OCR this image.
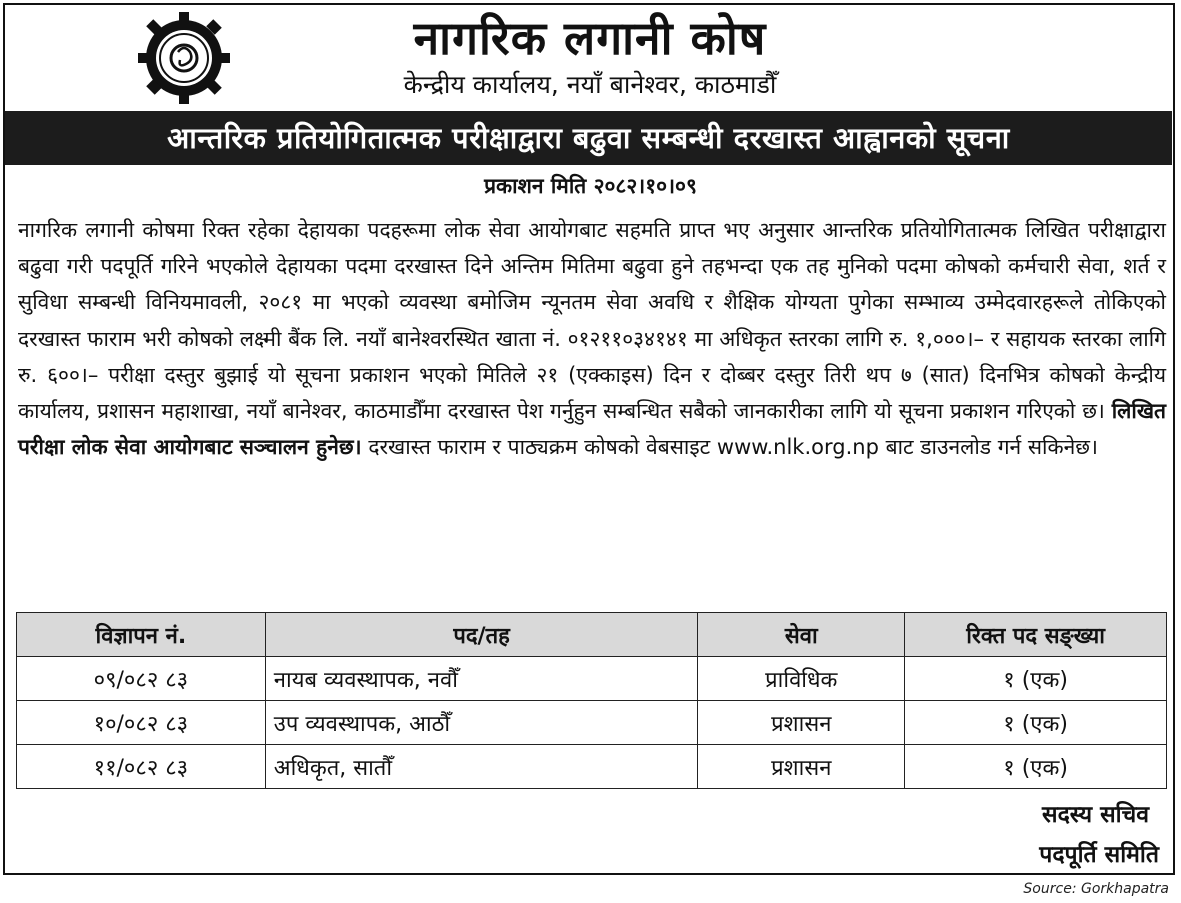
नागरिक लगानी कोष
केन्द्रीय कार्यालय, नयाँ बानेश्वर, काठमाडौँ
आन्तरिक प्रतियोगितात्मक परीक्षाद्वारा बढुवा सम्बन्धी दरखास्त आह्वानको सूचना
प्रकाशन मिति २०८२।१०।०९
नागरिक लगानी कोषमा रिक्त रहेका देहायका पदहरूमा लोक सेवा आयोगबाट सहमति प्राप्त भए अनुसार आन्तरिक प्रतियोगितात्मक लिखित परीक्षाद्वारा बढुवा गरी पदपूर्ति गरिने भएकोले देहायका पदमा दरखास्त दिने अन्तिम मितिमा बढुवा हुने तहभन्दा एक तह मुनिको पदमा कोषको कर्मचारी सेवा, शर्त र सुविधा सम्बन्धी विनियमावली, २०८१ मा भएको व्यवस्था बमोजिम न्यूनतम सेवा अवधि र शैक्षिक योग्यता पुगेका सम्भाव्य उम्मेदवारहरूले तोकिएको दरखास्त फाराम भरी कोषको लक्ष्मी बैंक लि. नयाँ बानेश्वरस्थित खाता नं. ०१२११०३४१४१ मा अधिकृत स्तरका लागि रु. १,०००।– र सहायक स्तरका लागि रु. ६००।– परीक्षा दस्तुर बुझाई यो सूचना प्रकाशन भएको मितिले २१ (एक्काइस) दिन र दोब्बर दस्तुर तिरी थप ७ (सात) दिनभित्र कोषको केन्द्रीय कार्यालय, प्रशासन महाशाखा, नयाँ बानेश्वर, काठमाडौँमा दरखास्त पेश गर्नुहुन सम्बन्धित सबैको जानकारीका लागि यो सूचना प्रकाशन गरिएको छ। लिखित परीक्षा लोक सेवा आयोगबाट सञ्चालन हुनेछ। दरखास्त फाराम र पाठ्यक्रम कोषको वेबसाइट www.nlk.org.np बाट डाउनलोड गर्न सकिनेछ।
विज्ञापन नं.	पद/तह	सेवा	रिक्त पद सङ्ख्या
०९/०८२ ८३	नायब व्यवस्थापक, नवौँ	प्राविधिक	१ (एक)
१०/०८२ ८३	उप व्यवस्थापक, आठौँ	प्रशासन	१ (एक)
११/०८२ ८३	अधिकृत, सातौँ	प्रशासन	१ (एक)
सदस्य सचिव
पदपूर्ति समिति
Source: Gorkhapatra
